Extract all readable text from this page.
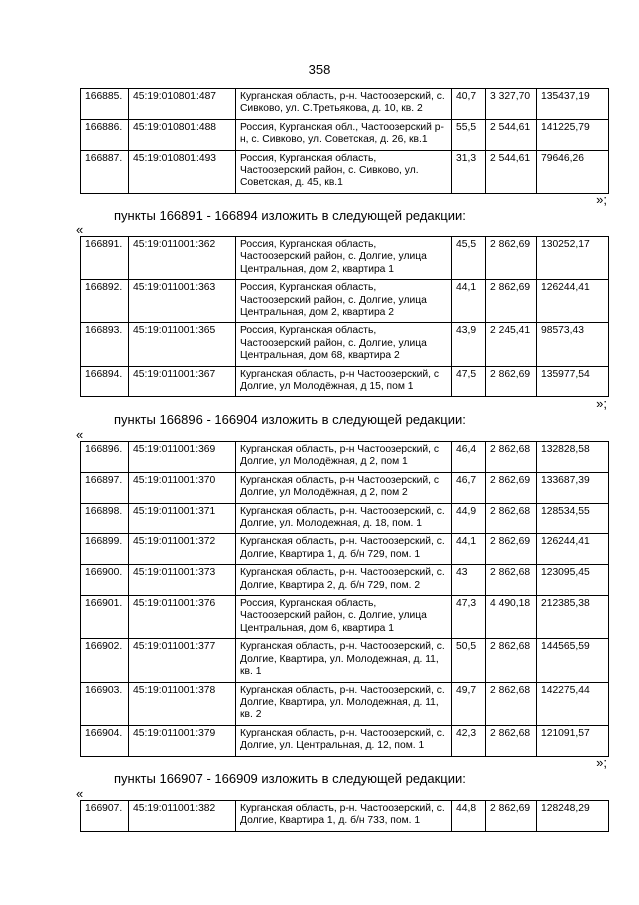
358
166885.	45:19:010801:487	Курганская область, р-н. Частоозерский, с. Сивково, ул. С.Третьякова, д. 10, кв. 2	40,7	3 327,70	135437,19
166886.	45:19:010801:488	Россия, Курганская обл., Частоозерский р-н, с. Сивково, ул. Советская, д. 26, кв.1	55,5	2 544,61	141225,79
166887.	45:19:010801:493	Россия, Курганская область, Частоозерский район, с. Сивково, ул. Советская, д. 45, кв.1	31,3	2 544,61	79646,26
»;
пункты 166891 - 166894 изложить в следующей редакции:
«
166891.	45:19:011001:362	Россия, Курганская область, Частоозерский район, с. Долгие, улица Центральная, дом 2, квартира 1	45,5	2 862,69	130252,17
166892.	45:19:011001:363	Россия, Курганская область, Частоозерский район, с. Долгие, улица Центральная, дом 2, квартира 2	44,1	2 862,69	126244,41
166893.	45:19:011001:365	Россия, Курганская область, Частоозерский район, с. Долгие, улица Центральная, дом 68, квартира 2	43,9	2 245,41	98573,43
166894.	45:19:011001:367	Курганская область, р-н Частоозерский, с Долгие, ул Молодёжная, д 15, пом 1	47,5	2 862,69	135977,54
»;
пункты 166896 - 166904 изложить в следующей редакции:
«
166896.	45:19:011001:369	Курганская область, р-н Частоозерский, с Долгие, ул Молодёжная, д 2, пом 1	46,4	2 862,68	132828,58
166897.	45:19:011001:370	Курганская область, р-н Частоозерский, с Долгие, ул Молодёжная, д 2, пом 2	46,7	2 862,69	133687,39
166898.	45:19:011001:371	Курганская область, р-н. Частоозерский, с. Долгие, ул. Молодежная, д. 18, пом. 1	44,9	2 862,68	128534,55
166899.	45:19:011001:372	Курганская область, р-н. Частоозерский, с. Долгие, Квартира 1, д. б/н 729, пом. 1	44,1	2 862,69	126244,41
166900.	45:19:011001:373	Курганская область, р-н. Частоозерский, с. Долгие, Квартира 2, д. б/н 729, пом. 2	43	2 862,68	123095,45
166901.	45:19:011001:376	Россия, Курганская область, Частоозерский район, с. Долгие, улица Центральная, дом 6, квартира 1	47,3	4 490,18	212385,38
166902.	45:19:011001:377	Курганская область, р-н. Частоозерский, с. Долгие, Квартира, ул. Молодежная, д. 11, кв. 1	50,5	2 862,68	144565,59
166903.	45:19:011001:378	Курганская область, р-н. Частоозерский, с. Долгие, Квартира, ул. Молодежная, д. 11, кв. 2	49,7	2 862,68	142275,44
166904.	45:19:011001:379	Курганская область, р-н. Частоозерский, с. Долгие, ул. Центральная, д. 12, пом. 1	42,3	2 862,68	121091,57
»;
пункты 166907 - 166909 изложить в следующей редакции:
«
166907.	45:19:011001:382	Курганская область, р-н. Частоозерский, с. Долгие, Квартира 1, д. б/н 733, пом. 1	44,8	2 862,69	128248,29
